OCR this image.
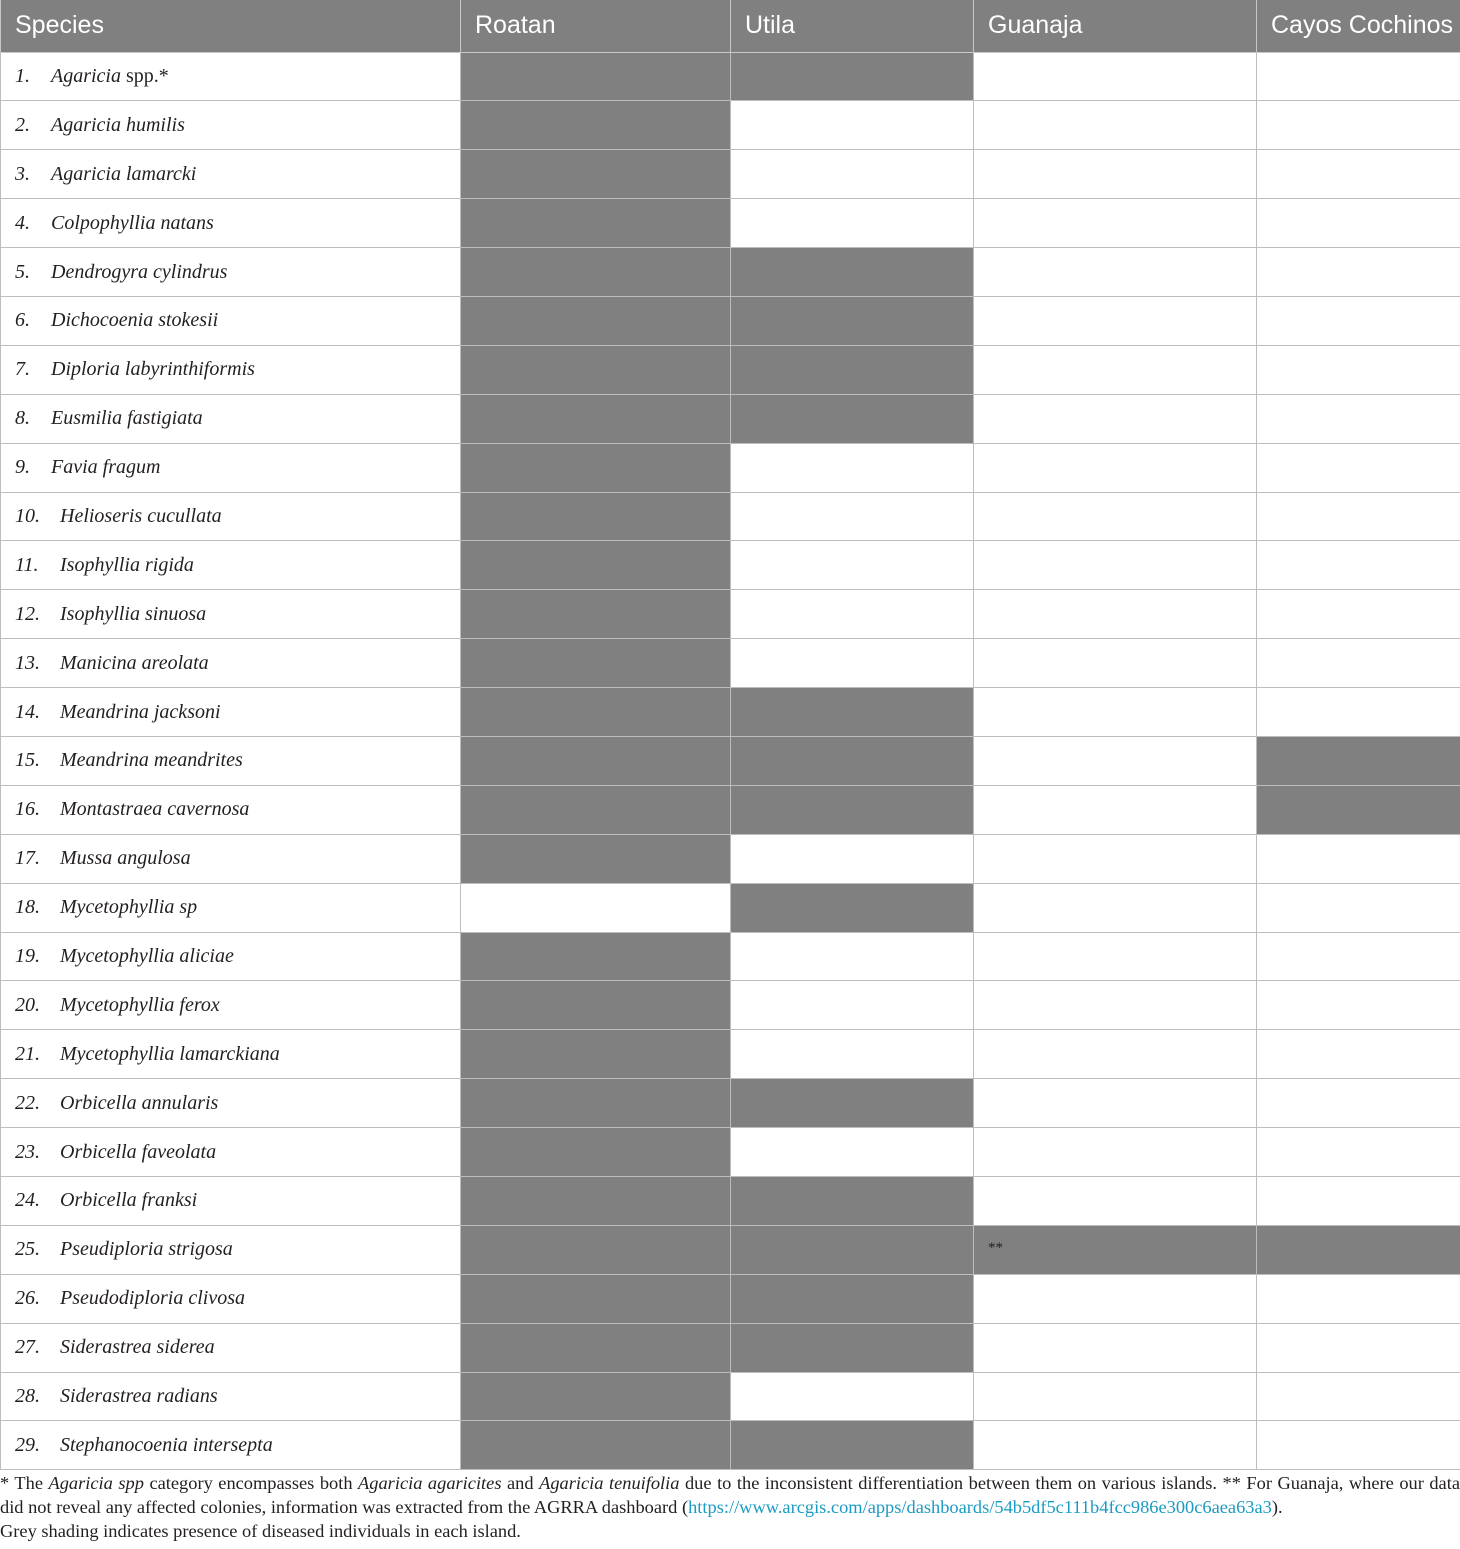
Species	Roatan	Utila	Guanaja	Cayos Cochinos
1. Agaricia spp.*				
2. Agaricia humilis				
3. Agaricia lamarcki				
4. Colpophyllia natans				
5. Dendrogyra cylindrus				
6. Dichocoenia stokesii				
7. Diploria labyrinthiformis				
8. Eusmilia fastigiata				
9. Favia fragum				
10. Helioseris cucullata				
11. Isophyllia rigida				
12. Isophyllia sinuosa				
13. Manicina areolata				
14. Meandrina jacksoni				
15. Meandrina meandrites				
16. Montastraea cavernosa				
17. Mussa angulosa				
18. Mycetophyllia sp				
19. Mycetophyllia aliciae				
20. Mycetophyllia ferox				
21. Mycetophyllia lamarckiana				
22. Orbicella annularis				
23. Orbicella faveolata				
24. Orbicella franksi				
25. Pseudiploria strigosa			**	

26. Pseudodiploria clivosa				
27. Siderastrea siderea				
28. Siderastrea radians				
29. Stephanocoenia intersepta				

* The Agaricia spp category encompasses both Agaricia agaricites and Agaricia tenuifolia due to the inconsistent differentiation between them on various islands. ** For Guanaja, where our data did not reveal any affected colonies, information was extracted from the AGRRA dashboard (https://www.arcgis.com/apps/dashboards/54b5df5c111b4fcc986e300c6aea63a3).

Grey shading indicates presence of diseased individuals in each island.
